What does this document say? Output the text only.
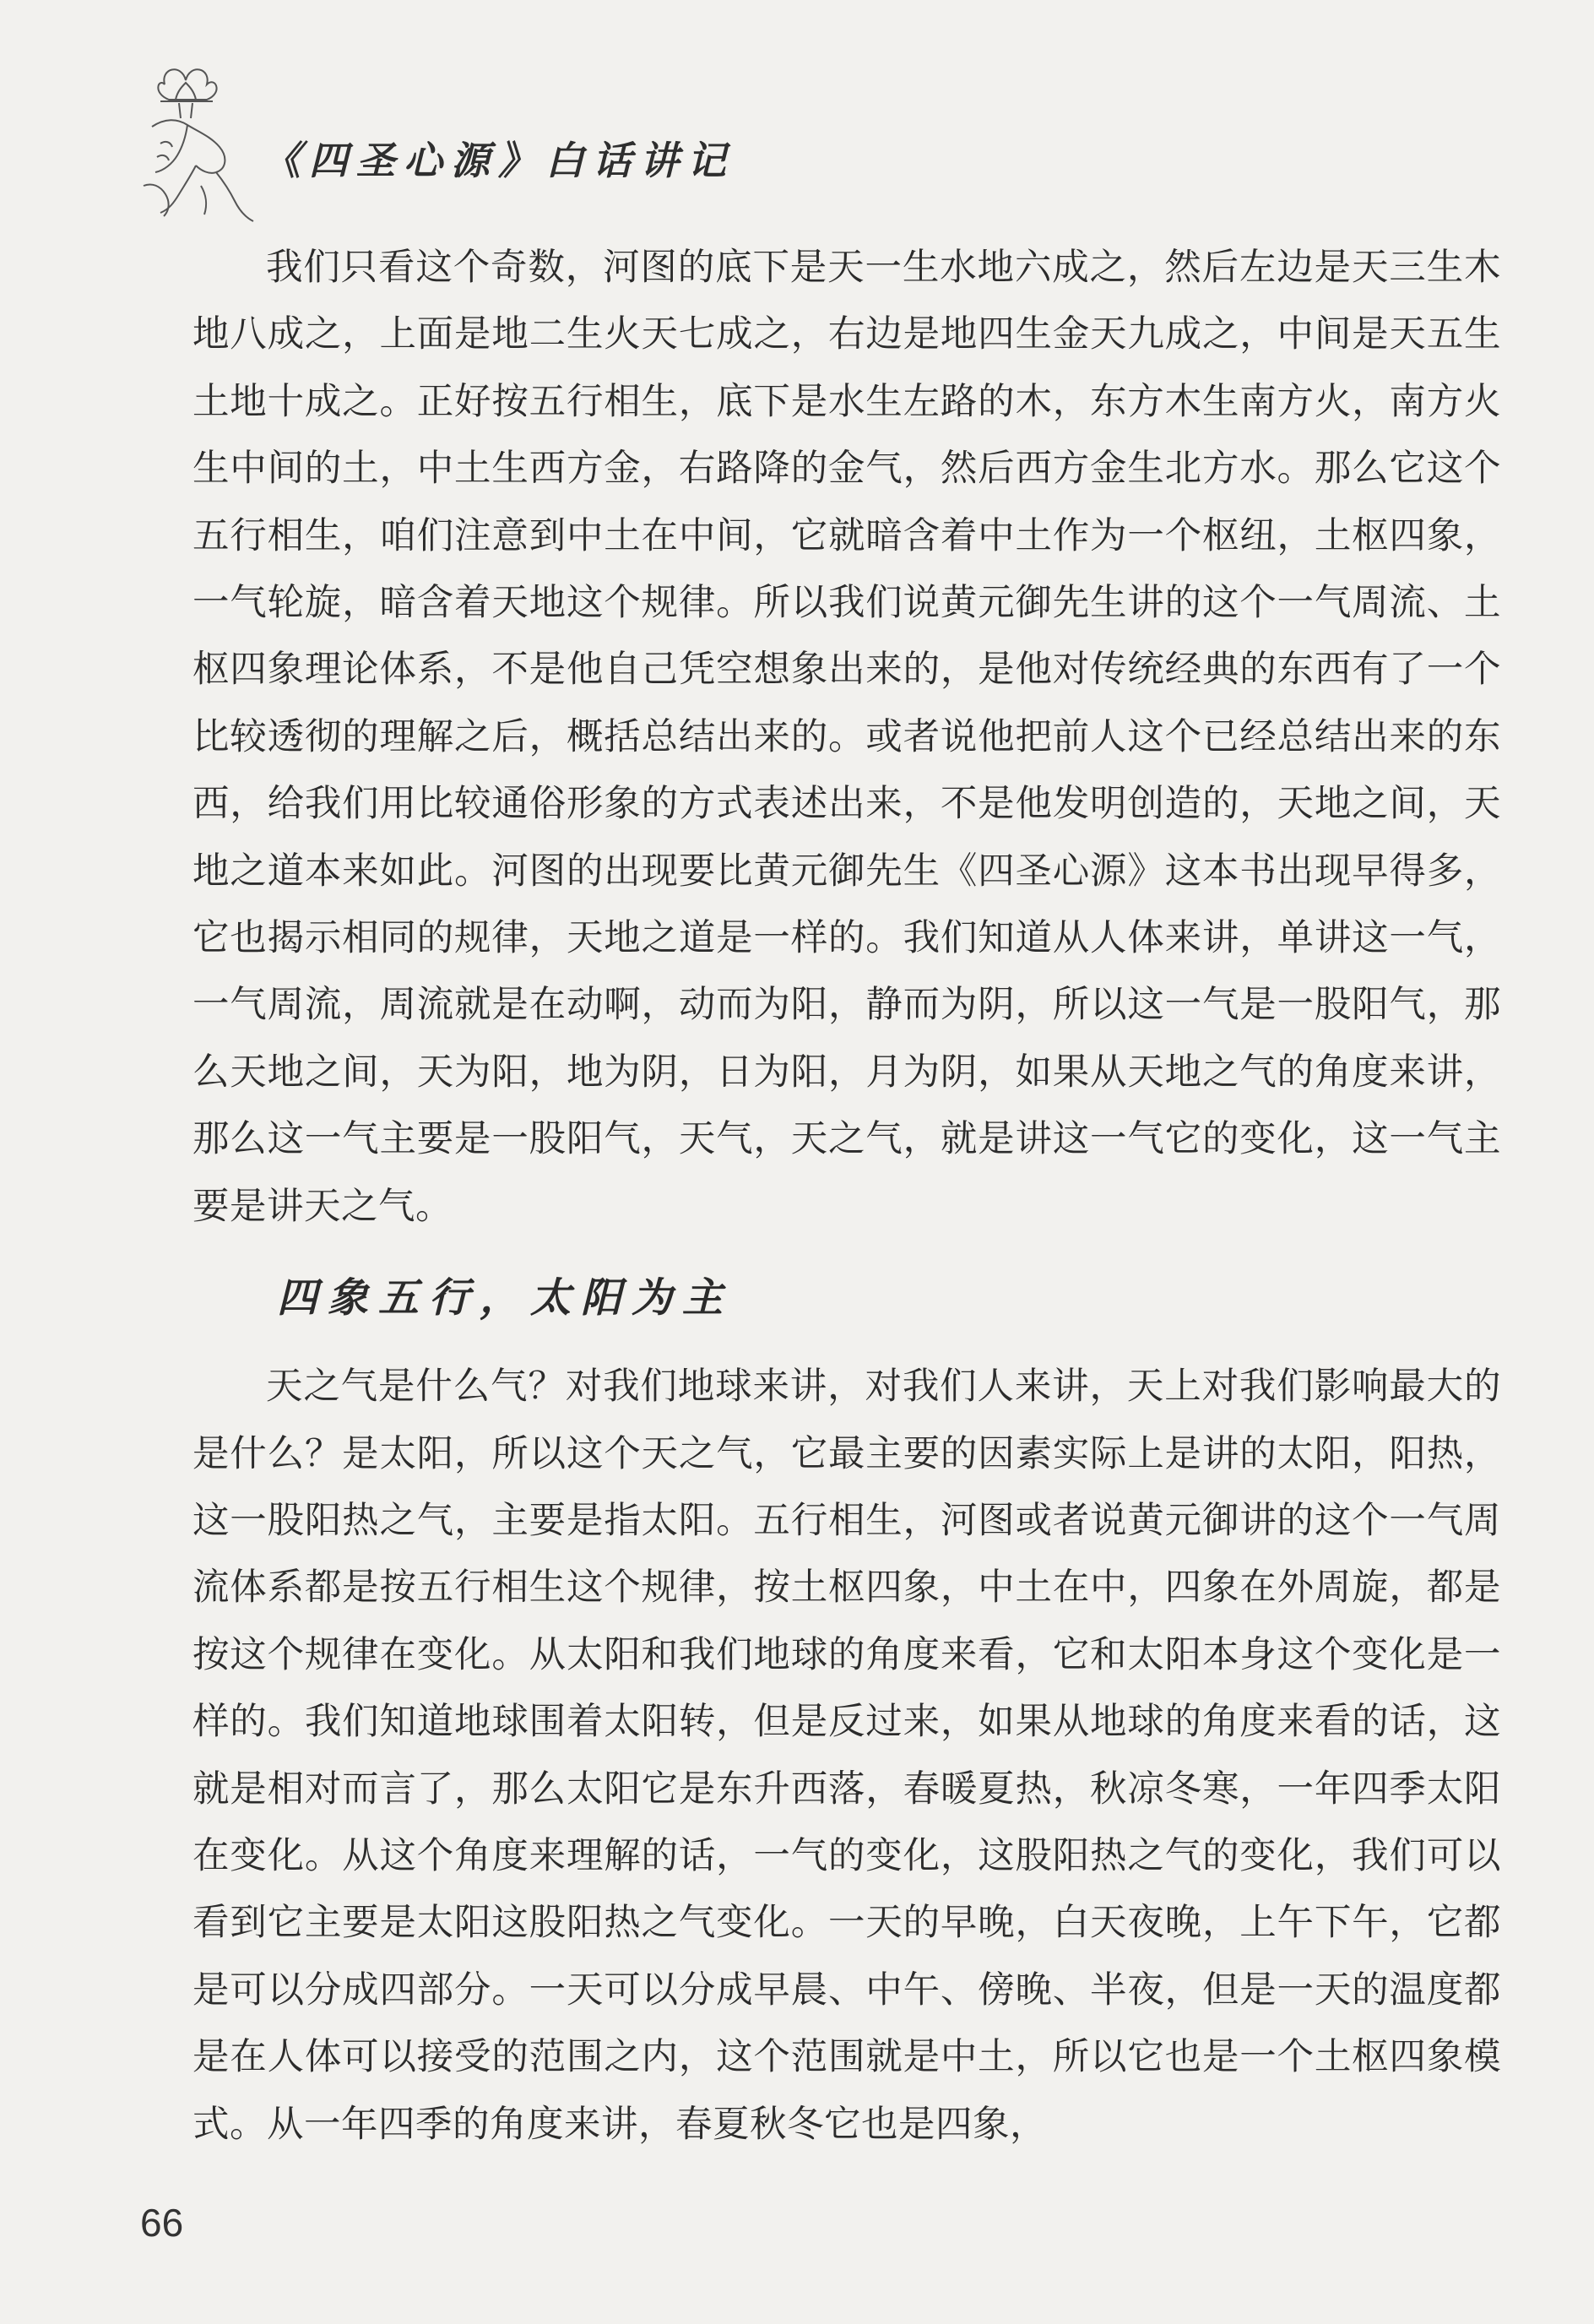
《四圣心源》白话讲记

我们只看这个奇数，河图的底下是天一生水地六成之，然后左边是天三生木地八成之，上面是地二生火天七成之，右边是地四生金天九成之，中间是天五生土地十成之。正好按五行相生，底下是水生左路的木，东方木生南方火，南方火生中间的土，中土生西方金，右路降的金气，然后西方金生北方水。那么它这个五行相生，咱们注意到中土在中间，它就暗含着中土作为一个枢纽，土枢四象，一气轮旋，暗含着天地这个规律。所以我们说黄元御先生讲的这个一气周流、土枢四象理论体系，不是他自己凭空想象出来的，是他对传统经典的东西有了一个比较透彻的理解之后，概括总结出来的。或者说他把前人这个已经总结出来的东西，给我们用比较通俗形象的方式表述出来，不是他发明创造的，天地之间，天地之道本来如此。河图的出现要比黄元御先生《四圣心源》这本书出现早得多，它也揭示相同的规律，天地之道是一样的。我们知道从人体来讲，单讲这一气，一气周流，周流就是在动啊，动而为阳，静而为阴，所以这一气是一股阳气，那么天地之间，天为阳，地为阴，日为阳，月为阴，如果从天地之气的角度来讲，那么这一气主要是一股阳气，天气，天之气，就是讲这一气它的变化，这一气主要是讲天之气。

四象五行，太阳为主

天之气是什么气？对我们地球来讲，对我们人来讲，天上对我们影响最大的是什么？是太阳，所以这个天之气，它最主要的因素实际上是讲的太阳，阳热，这一股阳热之气，主要是指太阳。五行相生，河图或者说黄元御讲的这个一气周流体系都是按五行相生这个规律，按土枢四象，中土在中，四象在外周旋，都是按这个规律在变化。从太阳和我们地球的角度来看，它和太阳本身这个变化是一样的。我们知道地球围着太阳转，但是反过来，如果从地球的角度来看的话，这就是相对而言了，那么太阳它是东升西落，春暖夏热，秋凉冬寒，一年四季太阳在变化。从这个角度来理解的话，一气的变化，这股阳热之气的变化，我们可以看到它主要是太阳这股阳热之气变化。一天的早晚，白天夜晚，上午下午，它都是可以分成四部分。一天可以分成早晨、中午、傍晚、半夜，但是一天的温度都是在人体可以接受的范围之内，这个范围就是中土，所以它也是一个土枢四象模式。从一年四季的角度来讲，春夏秋冬它也是四象，

66
